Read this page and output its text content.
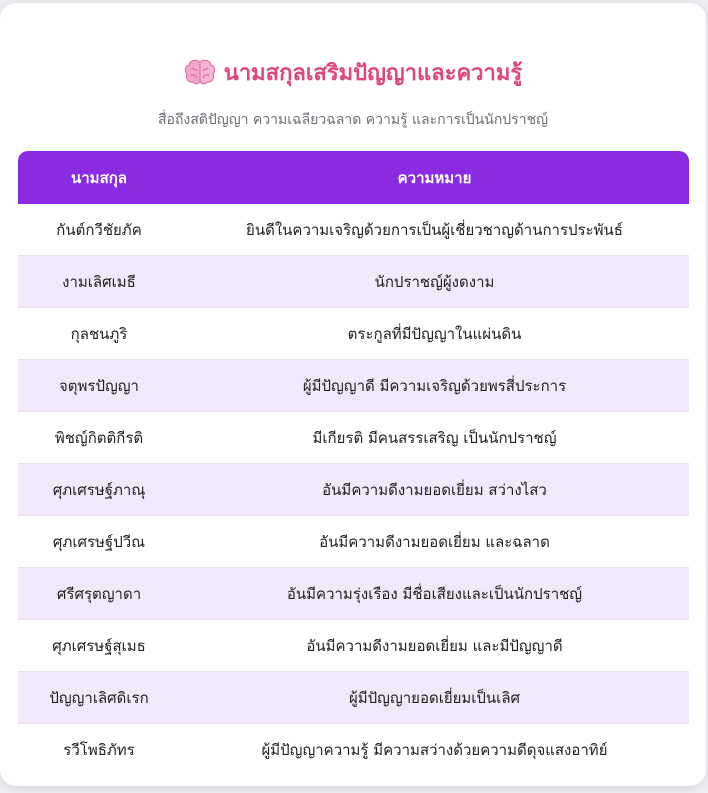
นามสกุลเสริมปัญญาและความรู้
สื่อถึงสติปัญญา ความเฉลียวฉลาด ความรู้ และการเป็นนักปราชญ์
นามสกุล	ความหมาย
กันต์กวีชัยภัค	ยินดีในความเจริญด้วยการเป็นผู้เชี่ยวชาญด้านการประพันธ์
งามเลิศเมธี	นักปราชญ์ผู้งดงาม
กุลชนภูริ	ตระกูลที่มีปัญญาในแผ่นดิน
จตุพรปัญญา	ผู้มีปัญญาดี มีความเจริญด้วยพรสี่ประการ
พิชญ์กิตติกีรติ	มีเกียรติ มีคนสรรเสริญ เป็นนักปราชญ์
ศุภเศรษฐ์ภาณุ	อันมีความดีงามยอดเยี่ยม สว่างไสว
ศุภเศรษฐ์ปวีณ	อันมีความดีงามยอดเยี่ยม และฉลาด
ศรีศรุตญาดา	อันมีความรุ่งเรือง มีชื่อเสียงและเป็นนักปราชญ์
ศุภเศรษฐ์สุเมธ	อันมีความดีงามยอดเยี่ยม และมีปัญญาดี
ปัญญาเลิศดิเรก	ผู้มีปัญญายอดเยี่ยมเป็นเลิศ
รวีโพธิภัทร	ผู้มีปัญญาความรู้ มีความสว่างด้วยความดีดุจแสงอาทิย์
